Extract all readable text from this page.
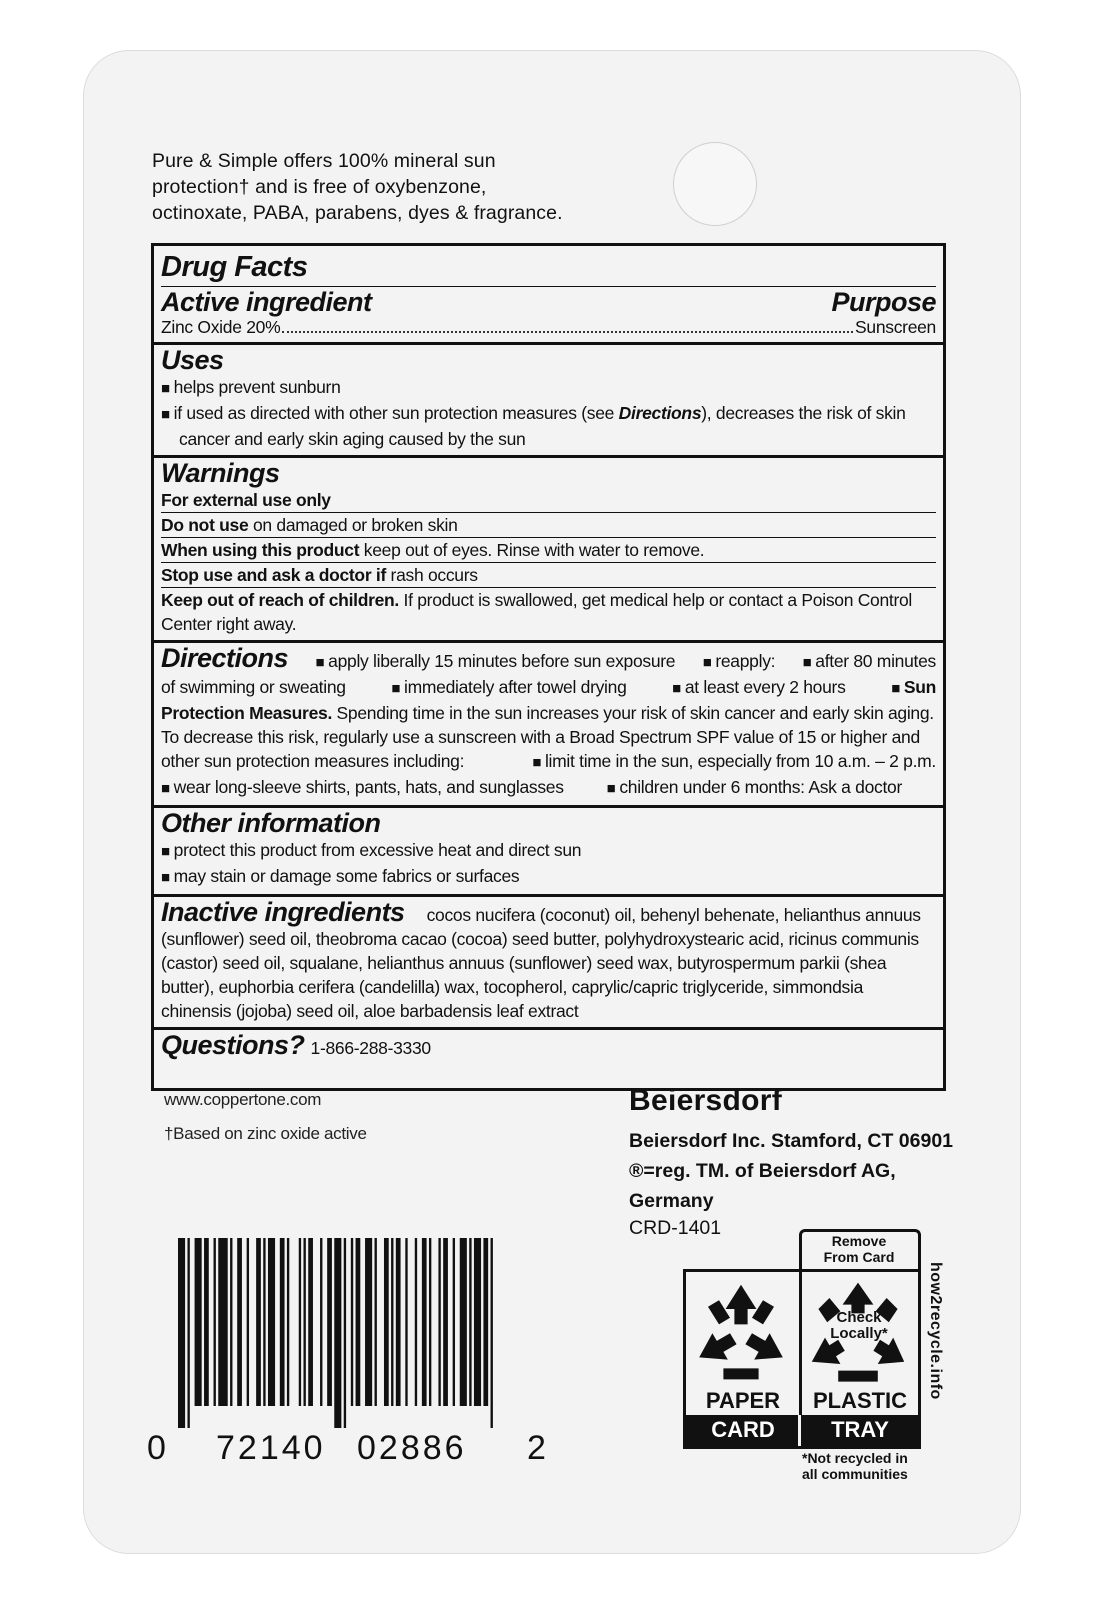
Pure & Simple offers 100% mineral sun
protection† and is free of oxybenzone,
octinoxate, PABA, parabens, dyes & fragrance.
Drug Facts
Active ingredient	Purpose
Zinc Oxide 20%	Sunscreen
Uses
■ helps prevent sunburn
■ if used as directed with other sun protection measures (see Directions), decreases the risk of skin
cancer and early skin aging caused by the sun
Warnings
For external use only
Do not use on damaged or broken skin
When using this product keep out of eyes. Rinse with water to remove.
Stop use and ask a doctor if rash occurs
Keep out of reach of children. If product is swallowed, get medical help or contact a Poison Control
Center right away.
Directions	■ apply liberally 15 minutes before sun exposure	■ reapply:	■ after 80 minutes
of swimming or sweating	■ immediately after towel drying	■ at least every 2 hours	■ Sun
Protection Measures. Spending time in the sun increases your risk of skin cancer and early skin aging.
To decrease this risk, regularly use a sunscreen with a Broad Spectrum SPF value of 15 or higher and
other sun protection measures including:	■ limit time in the sun, especially from 10 a.m. – 2 p.m.
■ wear long-sleeve shirts, pants, hats, and sunglasses	■ children under 6 months: Ask a doctor
Other information
■ protect this product from excessive heat and direct sun
■ may stain or damage some fabrics or surfaces
Inactive ingredients cocos nucifera (coconut) oil, behenyl behenate, helianthus annuus
(sunflower) seed oil, theobroma cacao (cocoa) seed butter, polyhydroxystearic acid, ricinus communis
(castor) seed oil, squalane, helianthus annuus (sunflower) seed wax, butyrospermum parkii (shea
butter), euphorbia cerifera (candelilla) wax, tocopherol, caprylic/capric triglyceride, simmondsia
chinensis (jojoba) seed oil, aloe barbadensis leaf extract
Questions? 1-866-288-3330
www.coppertone.com
†Based on zinc oxide active
Beiersdorf
Beiersdorf Inc. Stamford, CT 06901
®=reg. TM. of Beiersdorf AG,
Germany
CRD-1401
0 72140 02886 2
Remove
From Card
Check
Locally*
PAPER	PLASTIC
CARD	TRAY
how2recycle.info
*Not recycled in
all communities
